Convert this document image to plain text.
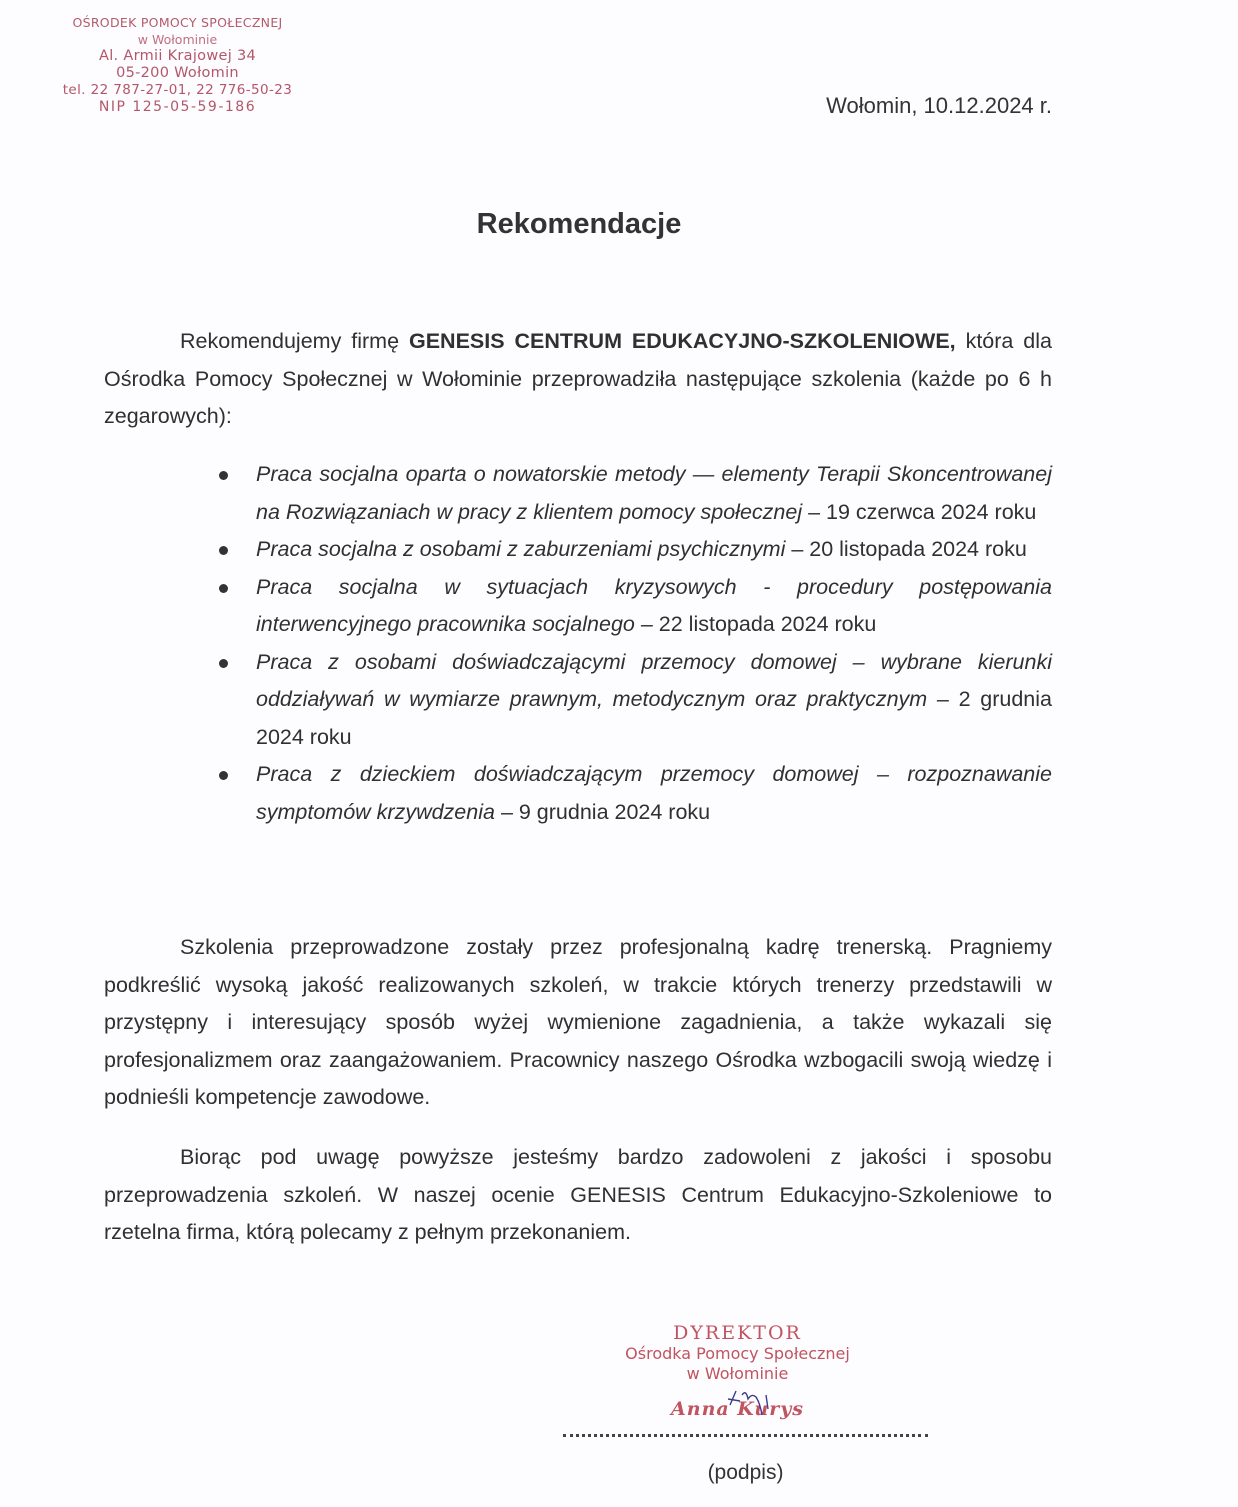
OŚRODEK POMOCY SPOŁECZNEJ
w Wołominie
Al. Armii Krajowej 34
05-200 Wołomin
tel. 22 787-27-01, 22 776-50-23
NIP 125-05-59-186	Wołomin, 10.12.2024 r.
Rekomendacje
Rekomendujemy firmę GENESIS CENTRUM EDUKACYJNO-SZKOLENIOWE, która dla Ośrodka Pomocy Społecznej w Wołominie przeprowadziła następujące szkolenia (każde po 6 h zegarowych):
Praca socjalna oparta o nowatorskie metody — elementy Terapii Skoncentrowanej na Rozwiązaniach w pracy z klientem pomocy społecznej – 19 czerwca 2024 roku
Praca socjalna z osobami z zaburzeniami psychicznymi – 20 listopada 2024 roku
Praca socjalna w sytuacjach kryzysowych - procedury postępowania interwencyjnego pracownika socjalnego – 22 listopada 2024 roku
Praca z osobami doświadczającymi przemocy domowej – wybrane kierunki oddziaływań w wymiarze prawnym, metodycznym oraz praktycznym – 2 grudnia 2024 roku
Praca z dzieckiem doświadczającym przemocy domowej – rozpoznawanie symptomów krzywdzenia – 9 grudnia 2024 roku
Szkolenia przeprowadzone zostały przez profesjonalną kadrę trenerską. Pragniemy podkreślić wysoką jakość realizowanych szkoleń, w trakcie których trenerzy przedstawili w przystępny i interesujący sposób wyżej wymienione zagadnienia, a także wykazali się profesjonalizmem oraz zaangażowaniem. Pracownicy naszego Ośrodka wzbogacili swoją wiedzę i podnieśli kompetencje zawodowe.
Biorąc pod uwagę powyższe jesteśmy bardzo zadowoleni z jakości i sposobu przeprowadzenia szkoleń. W naszej ocenie GENESIS Centrum Edukacyjno-Szkoleniowe to rzetelna firma, którą polecamy z pełnym przekonaniem.
DYREKTOR
Ośrodka Pomocy Społecznej
w Wołominie
Anna Kurys
(podpis)
